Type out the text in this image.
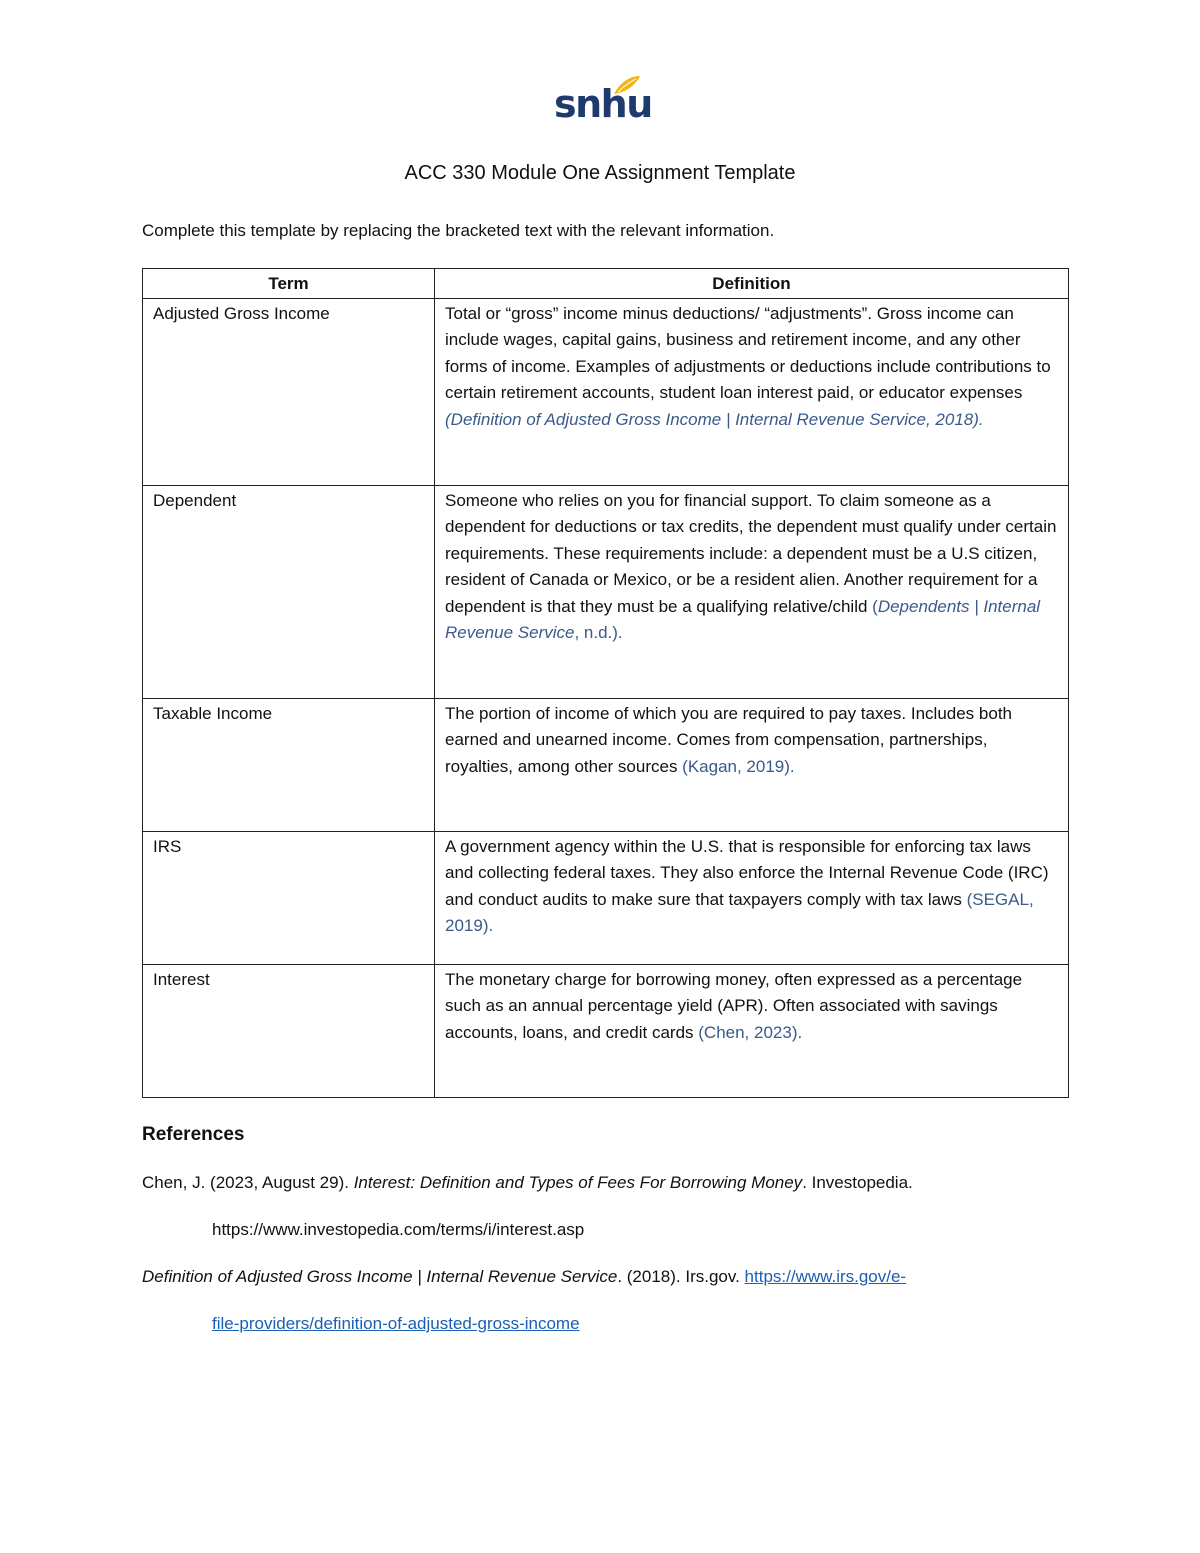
snhu
ACC 330 Module One Assignment Template
Complete this template by replacing the bracketed text with the relevant information.
Term	Definition
Adjusted Gross Income	Total or “gross” income minus deductions/ “adjustments”. Gross income can include wages, capital gains, business and retirement income, and any other forms of income. Examples of adjustments or deductions include contributions to certain retirement accounts, student loan interest paid, or educator expenses (Definition of Adjusted Gross Income | Internal Revenue Service, 2018).
Dependent	Someone who relies on you for financial support. To claim someone as a dependent for deductions or tax credits, the dependent must qualify under certain requirements. These requirements include: a dependent must be a U.S citizen, resident of Canada or Mexico, or be a resident alien. Another requirement for a dependent is that they must be a qualifying relative/child (Dependents | Internal Revenue Service, n.d.).
Taxable Income	The portion of income of which you are required to pay taxes. Includes both earned and unearned income. Comes from compensation, partnerships, royalties, among other sources (Kagan, 2019).
IRS	A government agency within the U.S. that is responsible for enforcing tax laws and collecting federal taxes. They also enforce the Internal Revenue Code (IRC) and conduct audits to make sure that taxpayers comply with tax laws (SEGAL, 2019).
Interest	The monetary charge for borrowing money, often expressed as a percentage such as an annual percentage yield (APR). Often associated with savings accounts, loans, and credit cards (Chen, 2023).
References
Chen, J. (2023, August 29). Interest: Definition and Types of Fees For Borrowing Money. Investopedia.
https://www.investopedia.com/terms/i/interest.asp
Definition of Adjusted Gross Income | Internal Revenue Service. (2018). Irs.gov. https://www.irs.gov/e-
file-providers/definition-of-adjusted-gross-income
